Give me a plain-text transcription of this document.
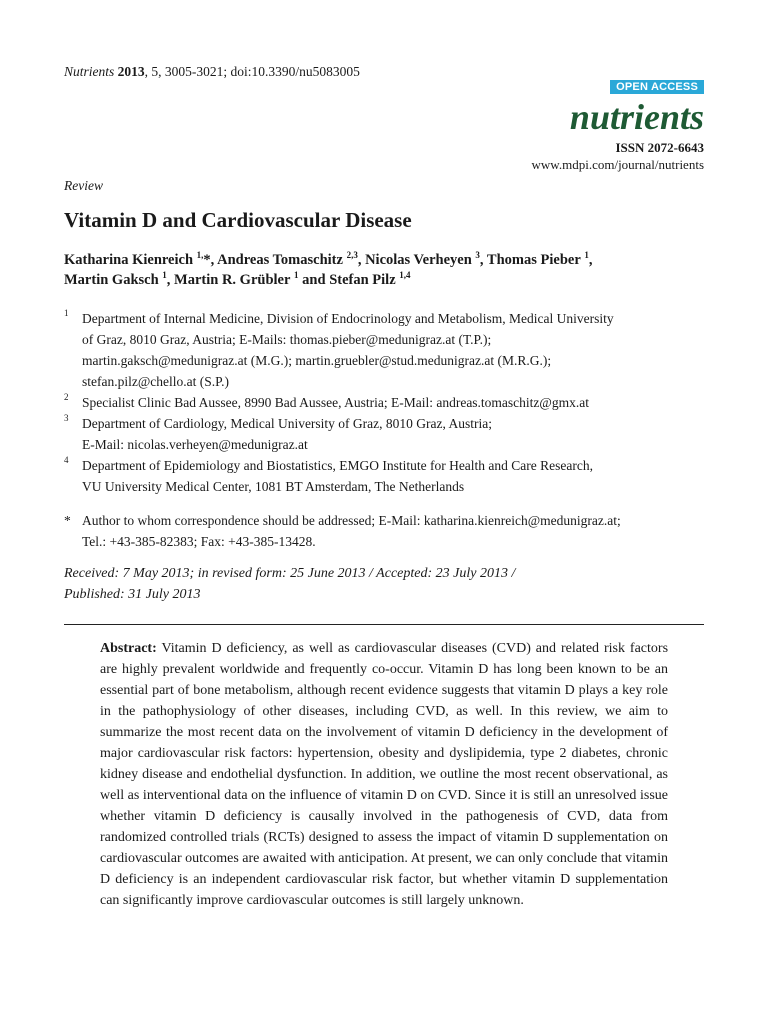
Nutrients 2013, 5, 3005-3021; doi:10.3390/nu5083005
OPEN ACCESS
nutrients
ISSN 2072-6643
www.mdpi.com/journal/nutrients
Review
Vitamin D and Cardiovascular Disease
Katharina Kienreich $^{1,}$*, Andreas Tomaschitz $^{2,3}$, Nicolas Verheyen $^3$, Thomas Pieber $^1$,
Martin Gaksch $^1$, Martin R. Grübler $^1$ and Stefan Pilz $^{1,4}$
1 Department of Internal Medicine, Division of Endocrinology and Metabolism, Medical University
of Graz, 8010 Graz, Austria; E-Mails: thomas.pieber@medunigraz.at (T.P.);
martin.gaksch@medunigraz.at (M.G.); martin.gruebler@stud.medunigraz.at (M.R.G.);
stefan.pilz@chello.at (S.P.)
2 Specialist Clinic Bad Aussee, 8990 Bad Aussee, Austria; E-Mail: andreas.tomaschitz@gmx.at
3 Department of Cardiology, Medical University of Graz, 8010 Graz, Austria;
E-Mail: nicolas.verheyen@medunigraz.at
4 Department of Epidemiology and Biostatistics, EMGO Institute for Health and Care Research,
VU University Medical Center, 1081 BT Amsterdam, The Netherlands
* Author to whom correspondence should be addressed; E-Mail: katharina.kienreich@medunigraz.at;
Tel.: +43-385-82383; Fax: +43-385-13428.
Received: 7 May 2013; in revised form: 25 June 2013 / Accepted: 23 July 2013 /
Published: 31 July 2013

Abstract: Vitamin D deficiency, as well as cardiovascular diseases (CVD) and related risk factors are highly prevalent worldwide and frequently co-occur. Vitamin D has long been known to be an essential part of bone metabolism, although recent evidence suggests that vitamin D plays a key role in the pathophysiology of other diseases, including CVD, as well. In this review, we aim to summarize the most recent data on the involvement of vitamin D deficiency in the development of major cardiovascular risk factors: hypertension, obesity and dyslipidemia, type 2 diabetes, chronic kidney disease and endothelial dysfunction. In addition, we outline the most recent observational, as well as interventional data on the influence of vitamin D on CVD. Since it is still an unresolved issue whether vitamin D deficiency is causally involved in the pathogenesis of CVD, data from randomized controlled trials (RCTs) designed to assess the impact of vitamin D supplementation on cardiovascular outcomes are awaited with anticipation. At present, we can only conclude that vitamin D deficiency is an independent cardiovascular risk factor, but whether vitamin D supplementation can significantly improve cardiovascular outcomes is still largely unknown.
